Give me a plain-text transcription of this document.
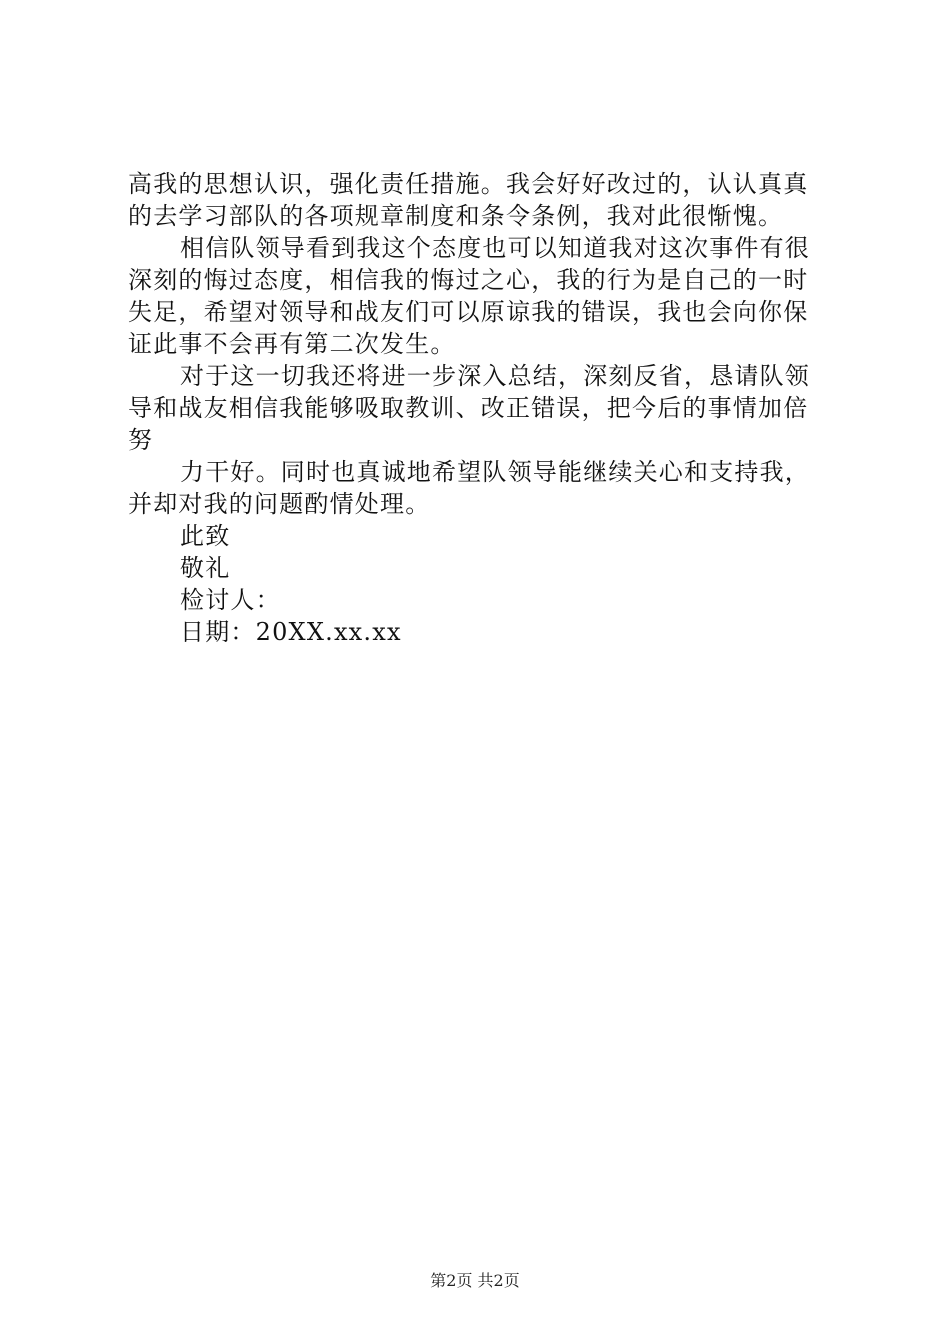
高我的思想认识，强化责任措施。我会好好改过的，认认真真
的去学习部队的各项规章制度和条令条例，我对此很惭愧。
相信队领导看到我这个态度也可以知道我对这次事件有很
深刻的悔过态度，相信我的悔过之心，我的行为是自己的一时
失足，希望对领导和战友们可以原谅我的错误，我也会向你保
证此事不会再有第二次发生。
对于这一切我还将进一步深入总结，深刻反省，恳请队领
导和战友相信我能够吸取教训、改正错误，把今后的事情加倍
努
力干好。同时也真诚地希望队领导能继续关心和支持我，
并却对我的问题酌情处理。
此致
敬礼
检讨人：
日期：20XX.xx.xx
第2页 共2页
